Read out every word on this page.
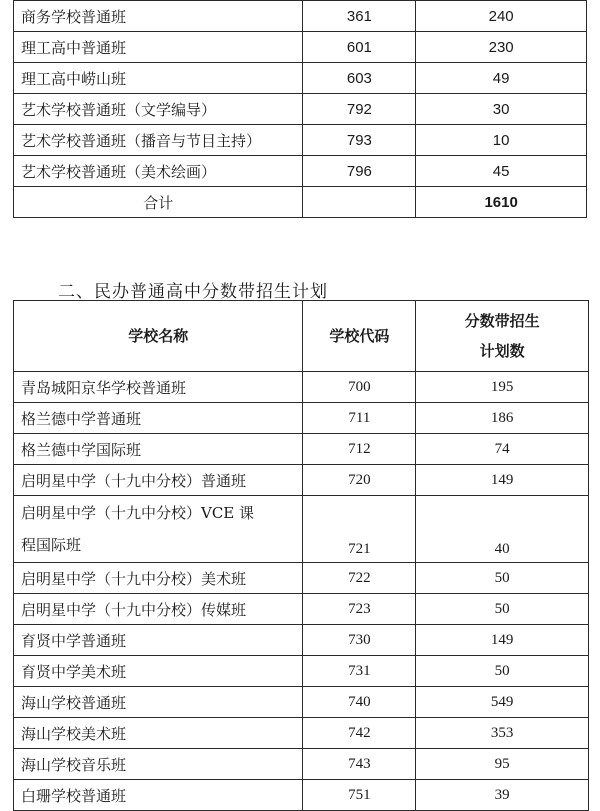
商务学校普通班	361	240
理工高中普通班	601	230
理工高中崂山班	603	49
艺术学校普通班（文学编导）	792	30
艺术学校普通班（播音与节目主持）	793	10
艺术学校普通班（美术绘画）	796	45
合计		1610
二、民办普通高中分数带招生计划
学校名称	学校代码	分数带招生
计划数

青岛城阳京华学校普通班	700	195
格兰德中学普通班	711	186
格兰德中学国际班	712	74
启明星中学（十九中分校）普通班	720	149

启明星中学（十九中分校）VCE 课
程国际班	721	40
启明星中学（十九中分校）美术班	722	50
启明星中学（十九中分校）传媒班	723	50
育贤中学普通班	730	149
育贤中学美术班	731	50
海山学校普通班	740	549
海山学校美术班	742	353
海山学校音乐班	743	95
白珊学校普通班	751	39
